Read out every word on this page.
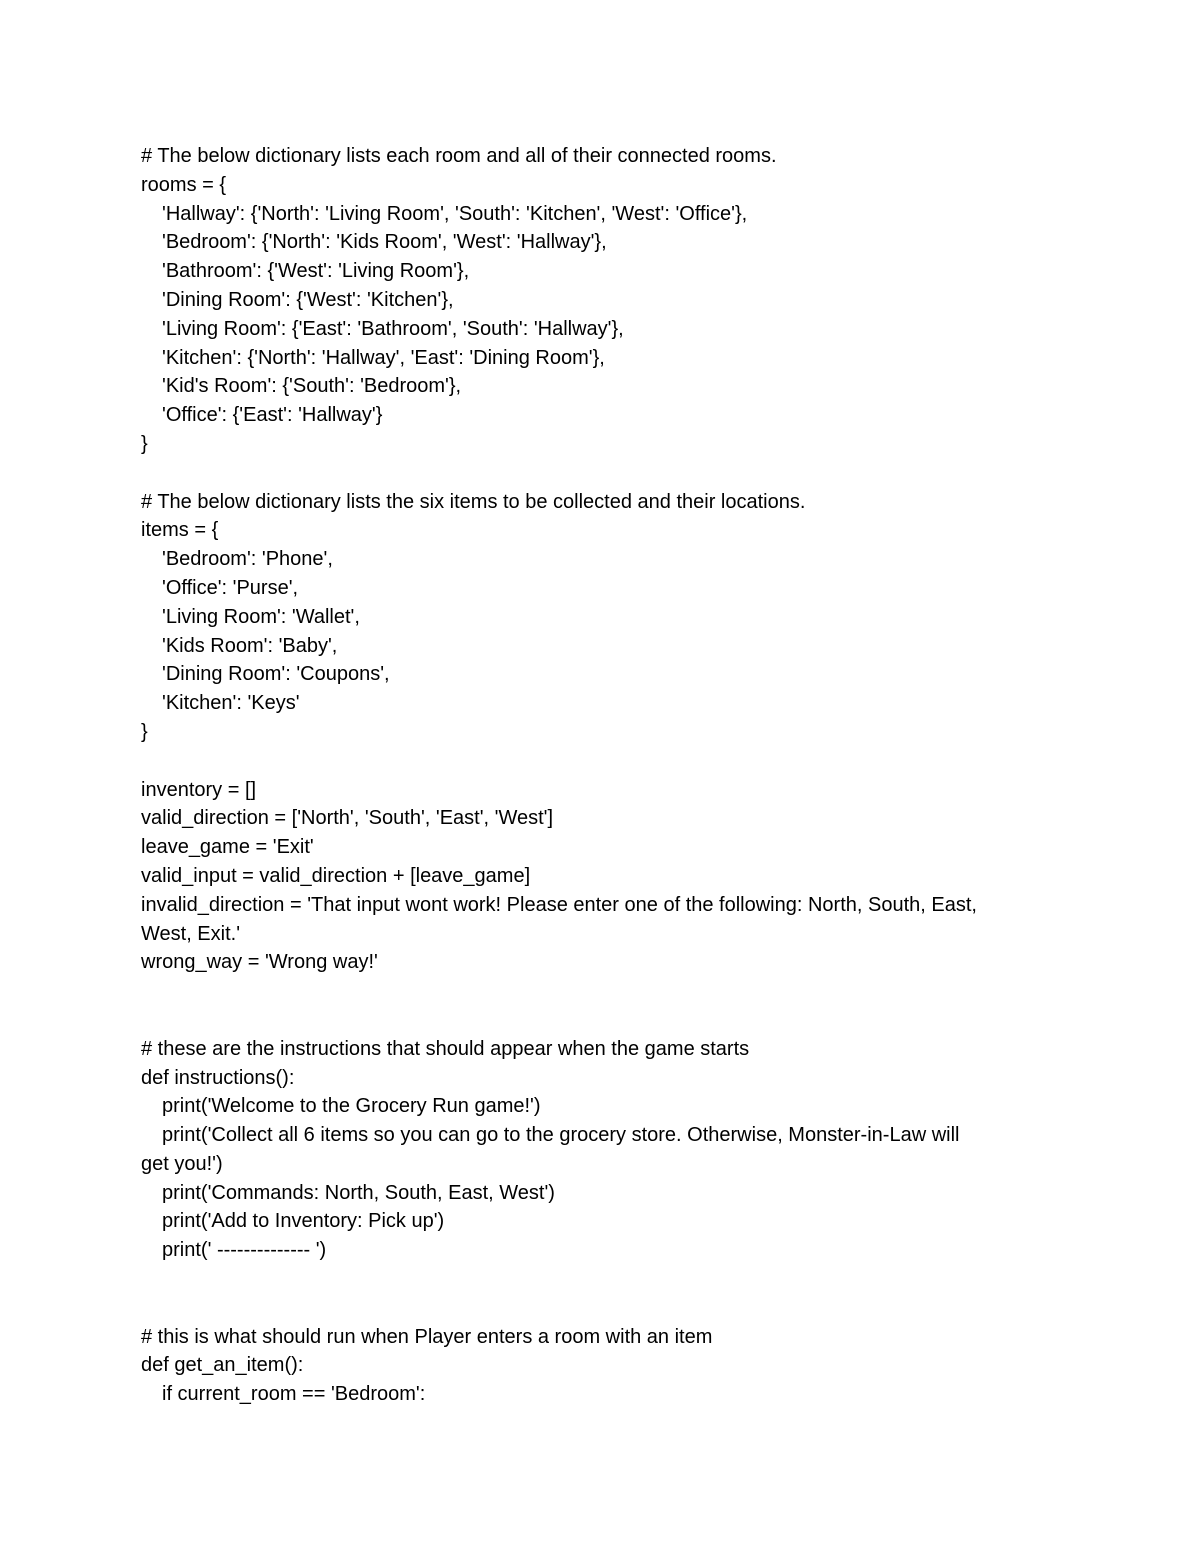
# The below dictionary lists each room and all of their connected rooms.
rooms = {
'Hallway': {'North': 'Living Room', 'South': 'Kitchen', 'West': 'Office'},
'Bedroom': {'North': 'Kids Room', 'West': 'Hallway'},
'Bathroom': {'West': 'Living Room'},
'Dining Room': {'West': 'Kitchen'},
'Living Room': {'East': 'Bathroom', 'South': 'Hallway'},
'Kitchen': {'North': 'Hallway', 'East': 'Dining Room'},
'Kid's Room': {'South': 'Bedroom'},
'Office': {'East': 'Hallway'}
}
# The below dictionary lists the six items to be collected and their locations.
items = {
'Bedroom': 'Phone',
'Office': 'Purse',
'Living Room': 'Wallet',
'Kids Room': 'Baby',
'Dining Room': 'Coupons',
'Kitchen': 'Keys'
}
inventory = []
valid_direction = ['North', 'South', 'East', 'West']
leave_game = 'Exit'
valid_input = valid_direction + [leave_game]
invalid_direction = 'That input wont work! Please enter one of the following: North, South, East,
West, Exit.'
wrong_way = 'Wrong way!'
# these are the instructions that should appear when the game starts
def instructions():
print('Welcome to the Grocery Run game!')
print('Collect all 6 items so you can go to the grocery store. Otherwise, Monster-in-Law will
get you!')
print('Commands: North, South, East, West')
print('Add to Inventory: Pick up')
print(' -------------- ')
# this is what should run when Player enters a room with an item
def get_an_item():
if current_room == 'Bedroom':
